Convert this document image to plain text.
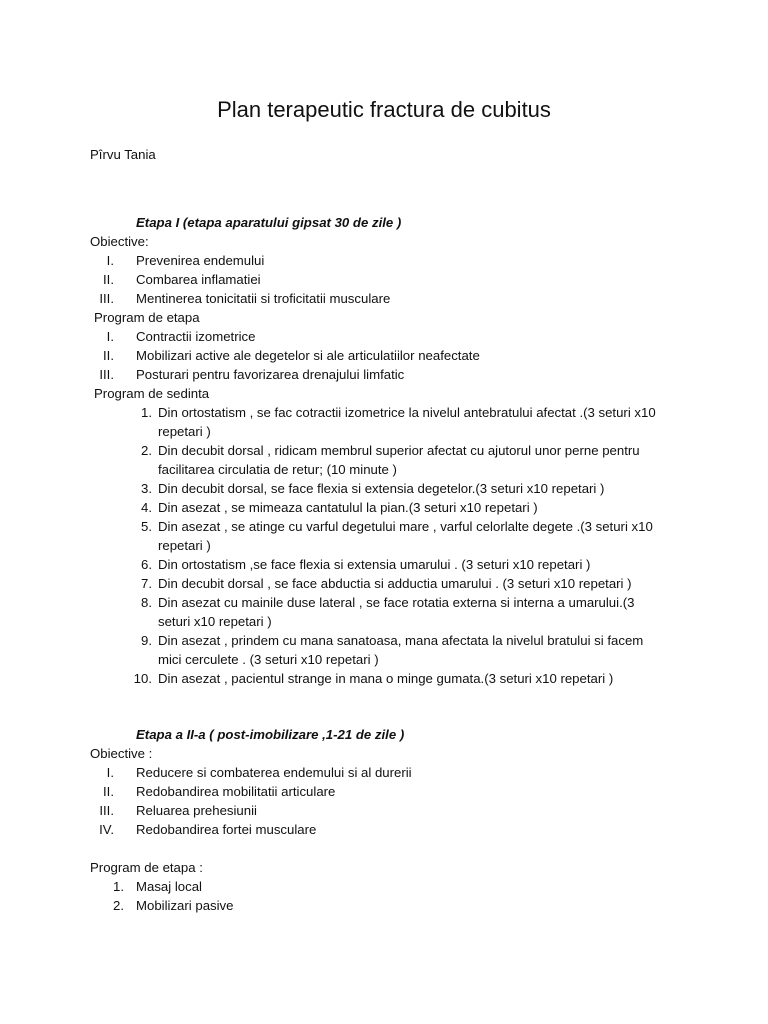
Plan terapeutic fractura de cubitus
Pîrvu Tania
Etapa I (etapa aparatului gipsat 30 de zile )
Obiective:
I. Prevenirea endemului
II. Combarea inflamatiei
III. Mentinerea tonicitatii si troficitatii musculare
Program de etapa
I. Contractii izometrice
II. Mobilizari active ale degetelor si ale articulatiilor neafectate
III. Posturari pentru favorizarea drenajului limfatic
Program de sedinta
1. Din ortostatism , se fac cotractii izometrice la nivelul antebratului afectat .(3 seturi x10 repetari )
2. Din decubit dorsal , ridicam membrul superior afectat cu ajutorul unor perne pentru facilitarea circulatia de retur; (10 minute )
3. Din decubit dorsal, se face flexia si extensia degetelor.(3 seturi x10 repetari )
4. Din asezat , se mimeaza cantatulul la pian.(3 seturi x10 repetari )
5. Din asezat , se atinge cu varful degetului mare , varful celorlalte degete .(3 seturi x10 repetari )
6. Din ortostatism ,se face flexia si extensia umarului . (3 seturi x10 repetari )
7. Din decubit dorsal , se face abductia si adductia umarului . (3 seturi x10 repetari )
8. Din asezat cu mainile duse lateral , se face rotatia externa si interna a umarului.(3 seturi x10 repetari )
9. Din asezat , prindem cu mana sanatoasa, mana afectata la nivelul bratului si facem mici cerculete . (3 seturi x10 repetari )
10. Din asezat , pacientul strange in mana o minge gumata.(3 seturi x10 repetari )
Etapa a II-a ( post-imobilizare ,1-21 de zile )
Obiective :
I. Reducere si combaterea endemului si al durerii
II. Redobandirea mobilitatii articulare
III. Reluarea prehesiunii
IV. Redobandirea fortei musculare
Program de etapa :
1. Masaj local
2. Mobilizari pasive
